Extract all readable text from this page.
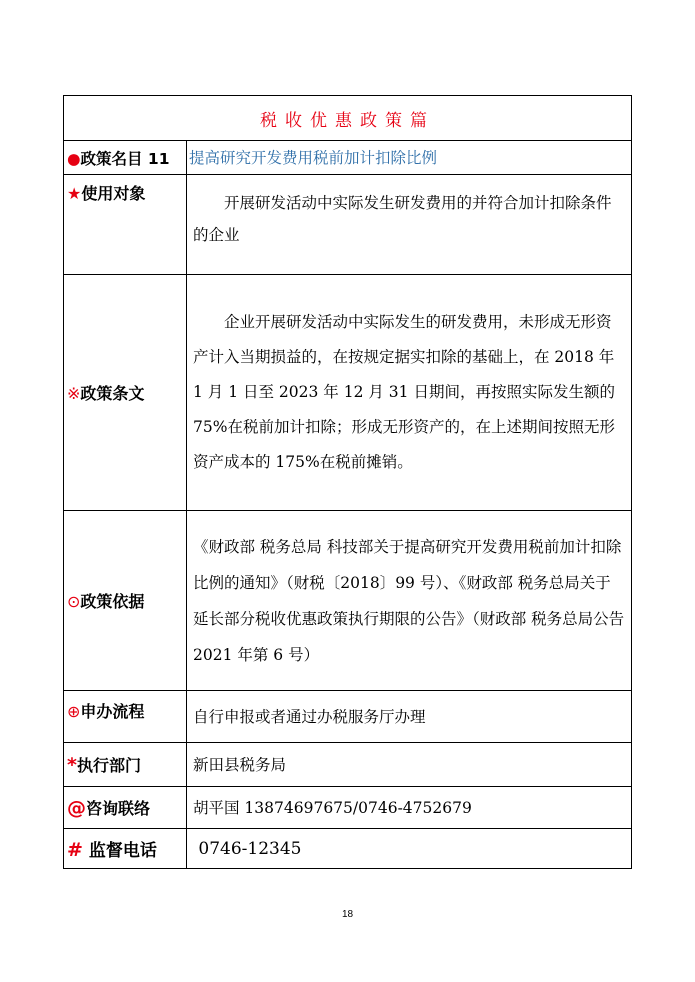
税收优惠政策篇	
●政策名目 11	提高研究开发费用税前加计扣除比例
★使用对象	开展研发活动中实际发生研发费用的并符合加计扣除条件的企业
※政策条文	企业开展研发活动中实际发生的研发费用，未形成无形资产计入当期损益的，在按规定据实扣除的基础上，在 2018 年 1 月 1 日至 2023 年 12 月 31 日期间，再按照实际发生额的 75%在税前加计扣除；形成无形资产的，在上述期间按照无形资产成本的 175%在税前摊销。
⊙政策依据	《财政部 税务总局 科技部关于提高研究开发费用税前加计扣除比例的通知》（财税〔2018〕99 号）、《财政部 税务总局关于延长部分税收优惠政策执行期限的公告》（财政部 税务总局公告 2021 年第 6 号）
⊕申办流程	自行申报或者通过办税服务厅办理
*执行部门	新田县税务局
@咨询联络	胡平国 13874697675/0746-4752679
# 监督电话	0746-12345
18
